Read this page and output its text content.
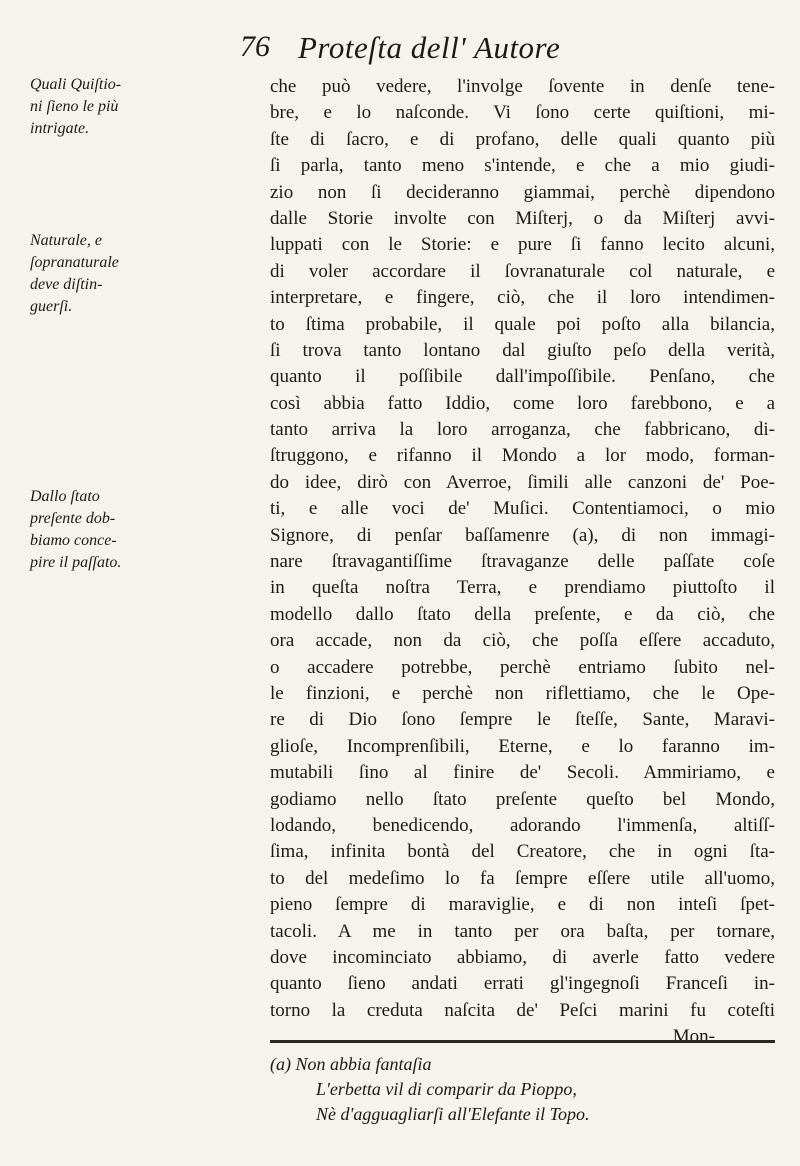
76 Proteſta dell' Autore
Quali Quiſtio-
ni ſieno le più
intrigate.
Naturale, e
ſopranaturale
deve diſtin-
guerſi.
Dallo ſtato
preſente dob-
biamo conce-
pire il paſſato.
che può vedere, l'involge ſovente in denſe tene-
bre, e lo naſconde. Vi ſono certe quiſtioni, mi-
ſte di ſacro, e di profano, delle quali quanto più
ſi parla, tanto meno s'intende, e che a mio giudi-
zio non ſi decideranno giammai, perchè dipendono
dalle Storie involte con Miſterj, o da Miſterj avvi-
luppati con le Storie: e pure ſi fanno lecito alcuni,
di voler accordare il ſovranaturale col naturale, e
interpretare, e fingere, ciò, che il loro intendimen-
to ſtima probabile, il quale poi poſto alla bilancia,
ſi trova tanto lontano dal giuſto peſo della verità,
quanto il poſſibile dall'impoſſibile. Penſano, che
così abbia fatto Iddio, come loro farebbono, e a
tanto arriva la loro arroganza, che fabbricano, di-
ſtruggono, e rifanno il Mondo a lor modo, forman-
do idee, dirò con Averroe, ſimili alle canzoni de' Poe-
ti, e alle voci de' Muſici. Contentiamoci, o mio
Signore, di penſar baſſamenre (a), di non immagi-
nare ſtravagantiſſime ſtravaganze delle paſſate coſe
in queſta noſtra Terra, e prendiamo piuttoſto il
modello dallo ſtato della preſente, e da ciò, che
ora accade, non da ciò, che poſſa eſſere accaduto,
o accadere potrebbe, perchè entriamo ſubito nel-
le finzioni, e perchè non riflettiamo, che le Ope-
re di Dio ſono ſempre le ſteſſe, Sante, Maravi-
glioſe, Incomprenſibili, Eterne, e lo faranno im-
mutabili ſino al finire de' Secoli. Ammiriamo, e
godiamo nello ſtato preſente queſto bel Mondo,
lodando, benedicendo, adorando l'immenſa, altiſſ-
ſima, infinita bontà del Creatore, che in ogni ſta-
to del medeſimo lo fa ſempre eſſere utile all'uomo,
pieno ſempre di maraviglie, e di non inteſi ſpet-
tacoli. A me in tanto per ora baſta, per tornare,
dove incominciato abbiamo, di averle fatto vedere
quanto ſieno andati errati gl'ingegnoſi Franceſi in-
torno la creduta naſcita de' Peſci marini fu coteſti
Mon-
(a) Non abbia fantaſia
L'erbetta vil di comparir da Pioppo,
Nè d'agguagliarſi all'Elefante il Topo.
